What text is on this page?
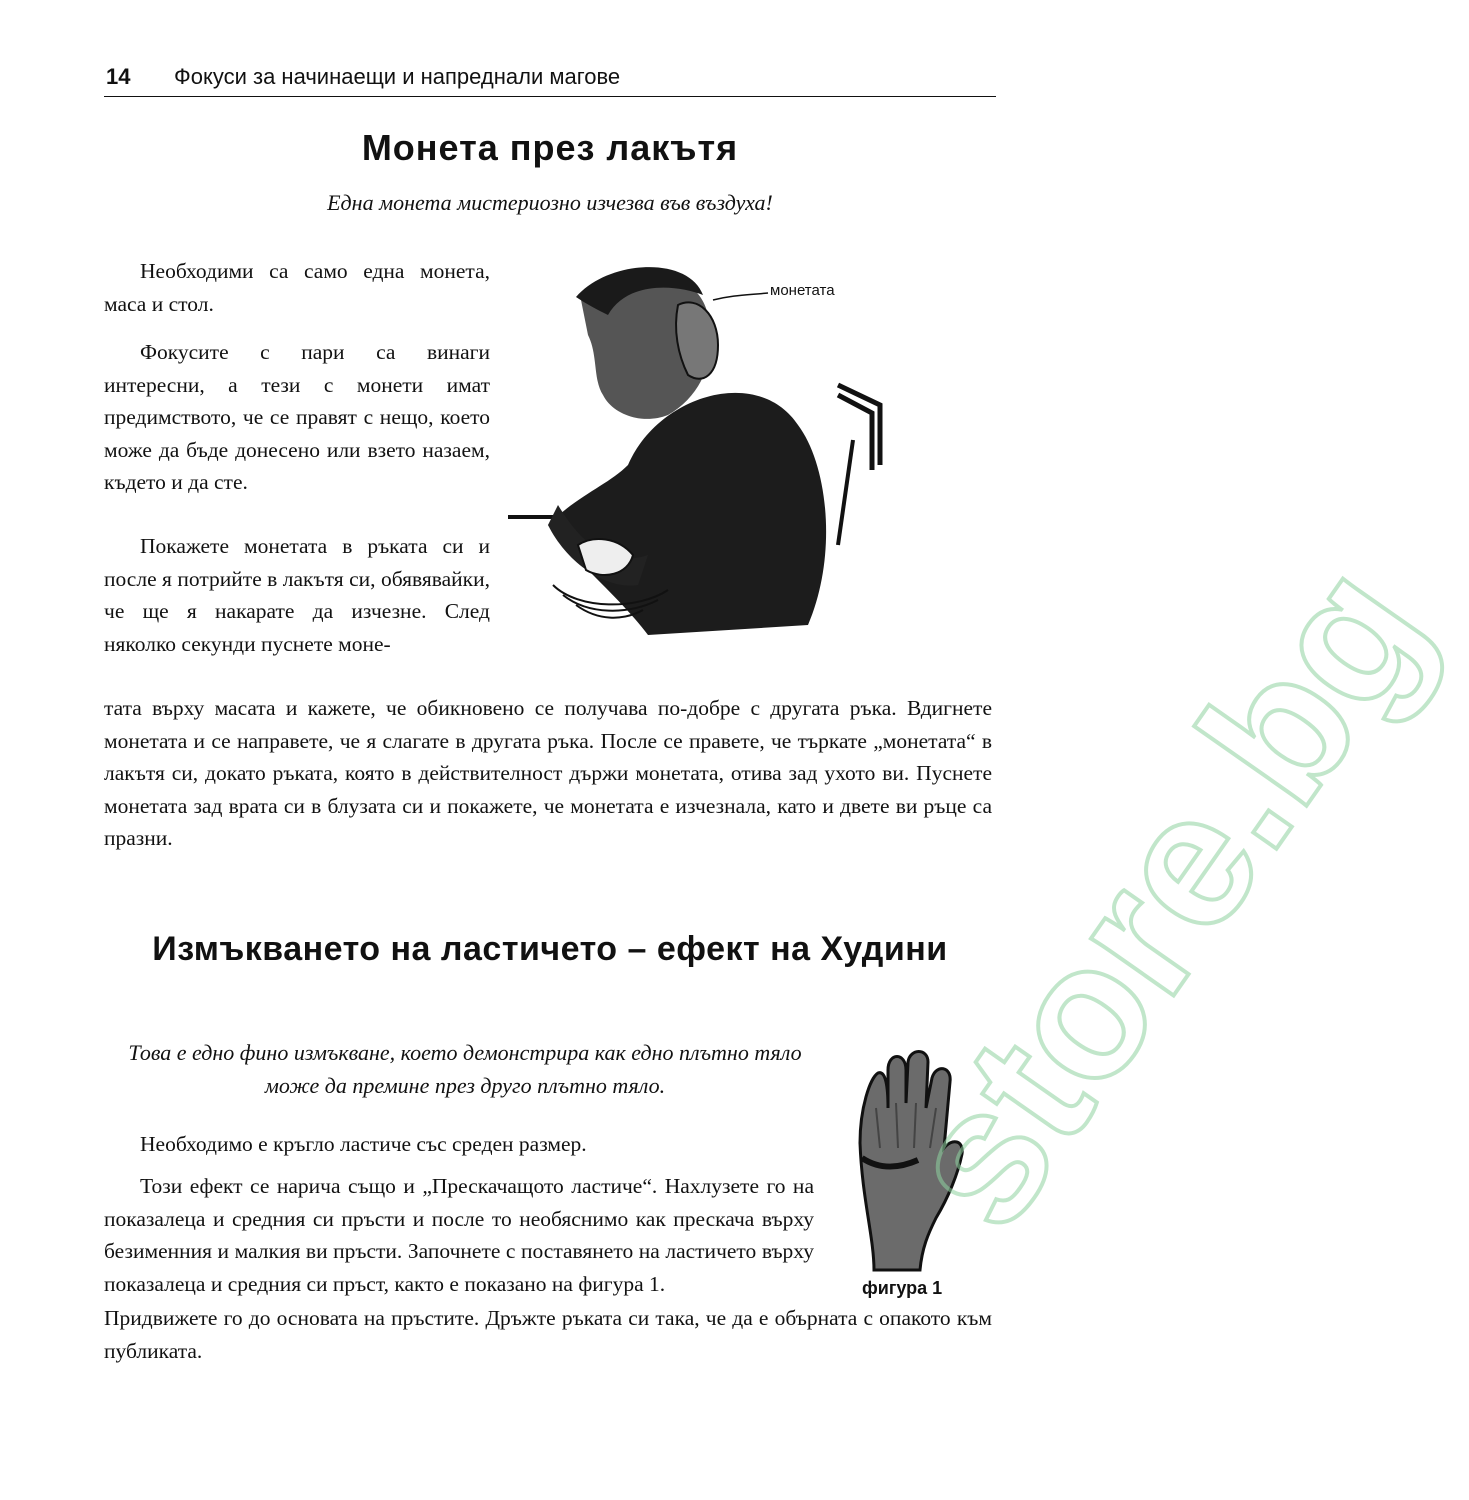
14 Фокуси за начинаещи и напреднали магове
Монета през лакътя
Една монета мистериозно изчезва във въздуха!

Необходими са само една монета, маса и стол.

Фокусите с пари са винаги интересни, а тези с монети имат предимството, че се правят с нещо, което може да бъде донесено или взето назаем, където и да сте.

Покажете монетата в ръката си и после я потрийте в лакътя си, обявявайки, че ще я накарате да изчезне. След няколко секунди пуснете моне-

тата върху масата и кажете, че обикновено се получава по-добре с другата ръка. Вдигнете монетата и се направете, че я слагате в другата ръка. После се правете, че търкате „монетата“ в лакътя си, докато ръката, която в действителност държи монетата, отива зад ухото ви. Пуснете монетата зад врата си в блузата си и покажете, че монетата е изчезнала, като и двете ви ръце са празни.

монетата
Измъкването на ластичето – ефект на Худини
Това е едно фино измъкване, което демонстрира как едно плътно тяло може да премине през друго плътно тяло.

Необходимо е кръгло ластиче със среден размер.

Този ефект се нарича също и „Прескачащото ластиче“. Нахлузете го на показалеца и средния си пръсти и после то необяснимо как прескача върху безименния и малкия ви пръсти. Започнете с поставянето на ластичето върху показалеца и средния си пръст, както е показано на фигура 1.

Придвижете го до основата на пръстите. Дръжте ръката си така, че да е обърната с опакото към публиката.

фигура 1
store.bg
